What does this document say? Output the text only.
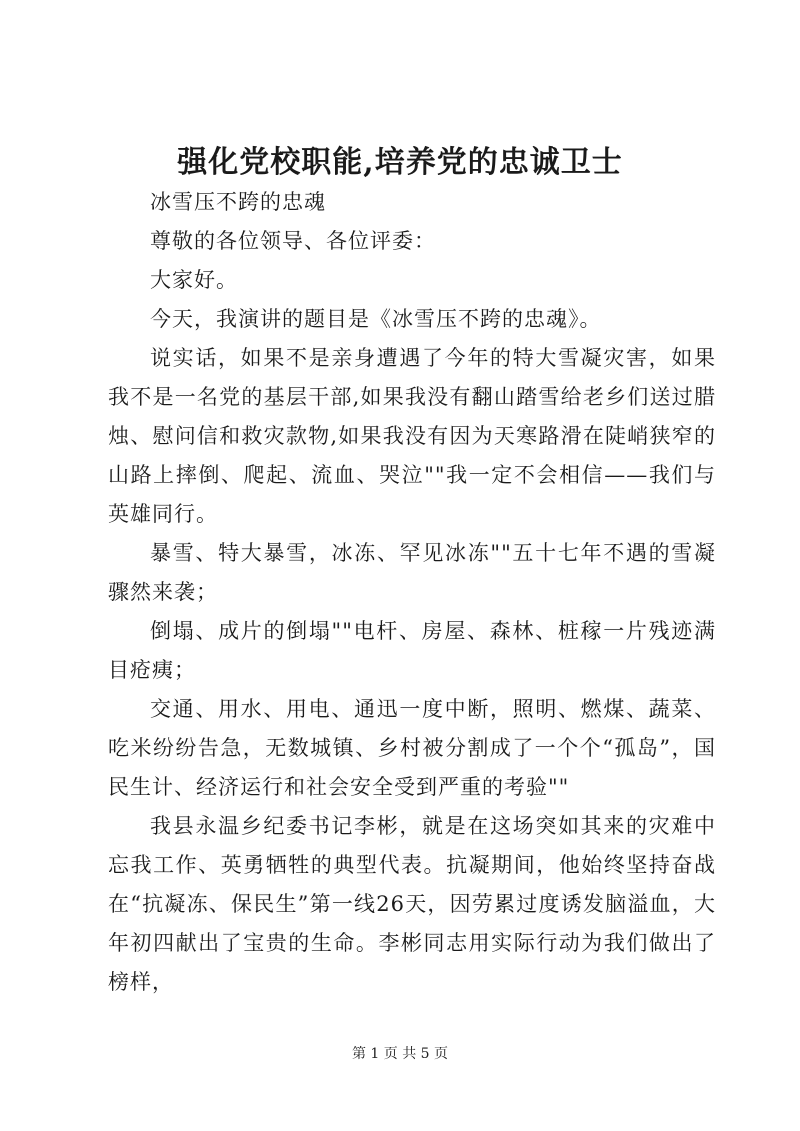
强化党校职能,培养党的忠诚卫士

冰雪压不跨的忠魂

尊敬的各位领导、各位评委：

大家好。

今天，我演讲的题目是《冰雪压不跨的忠魂》。

说实话，如果不是亲身遭遇了今年的特大雪凝灾害，如果我不是一名党的基层干部,如果我没有翻山踏雪给老乡们送过腊烛、慰问信和救灾款物,如果我没有因为天寒路滑在陡峭狭窄的山路上摔倒、爬起、流血、哭泣""我一定不会相信——我们与英雄同行。

暴雪、特大暴雪，冰冻、罕见冰冻""五十七年不遇的雪凝骤然来袭；

倒塌、成片的倒塌""电杆、房屋、森林、桩稼一片残迹满目疮痍；

交通、用水、用电、通迅一度中断，照明、燃煤、蔬菜、吃米纷纷告急，无数城镇、乡村被分割成了一个个“孤岛”，国民生计、经济运行和社会安全受到严重的考验""

我县永温乡纪委书记李彬，就是在这场突如其来的灾难中忘我工作、英勇牺牲的典型代表。抗凝期间，他始终坚持奋战在“抗凝冻、保民生”第一线26天，因劳累过度诱发脑溢血，大年初四献出了宝贵的生命。李彬同志用实际行动为我们做出了榜样，

第 1 页 共 5 页
